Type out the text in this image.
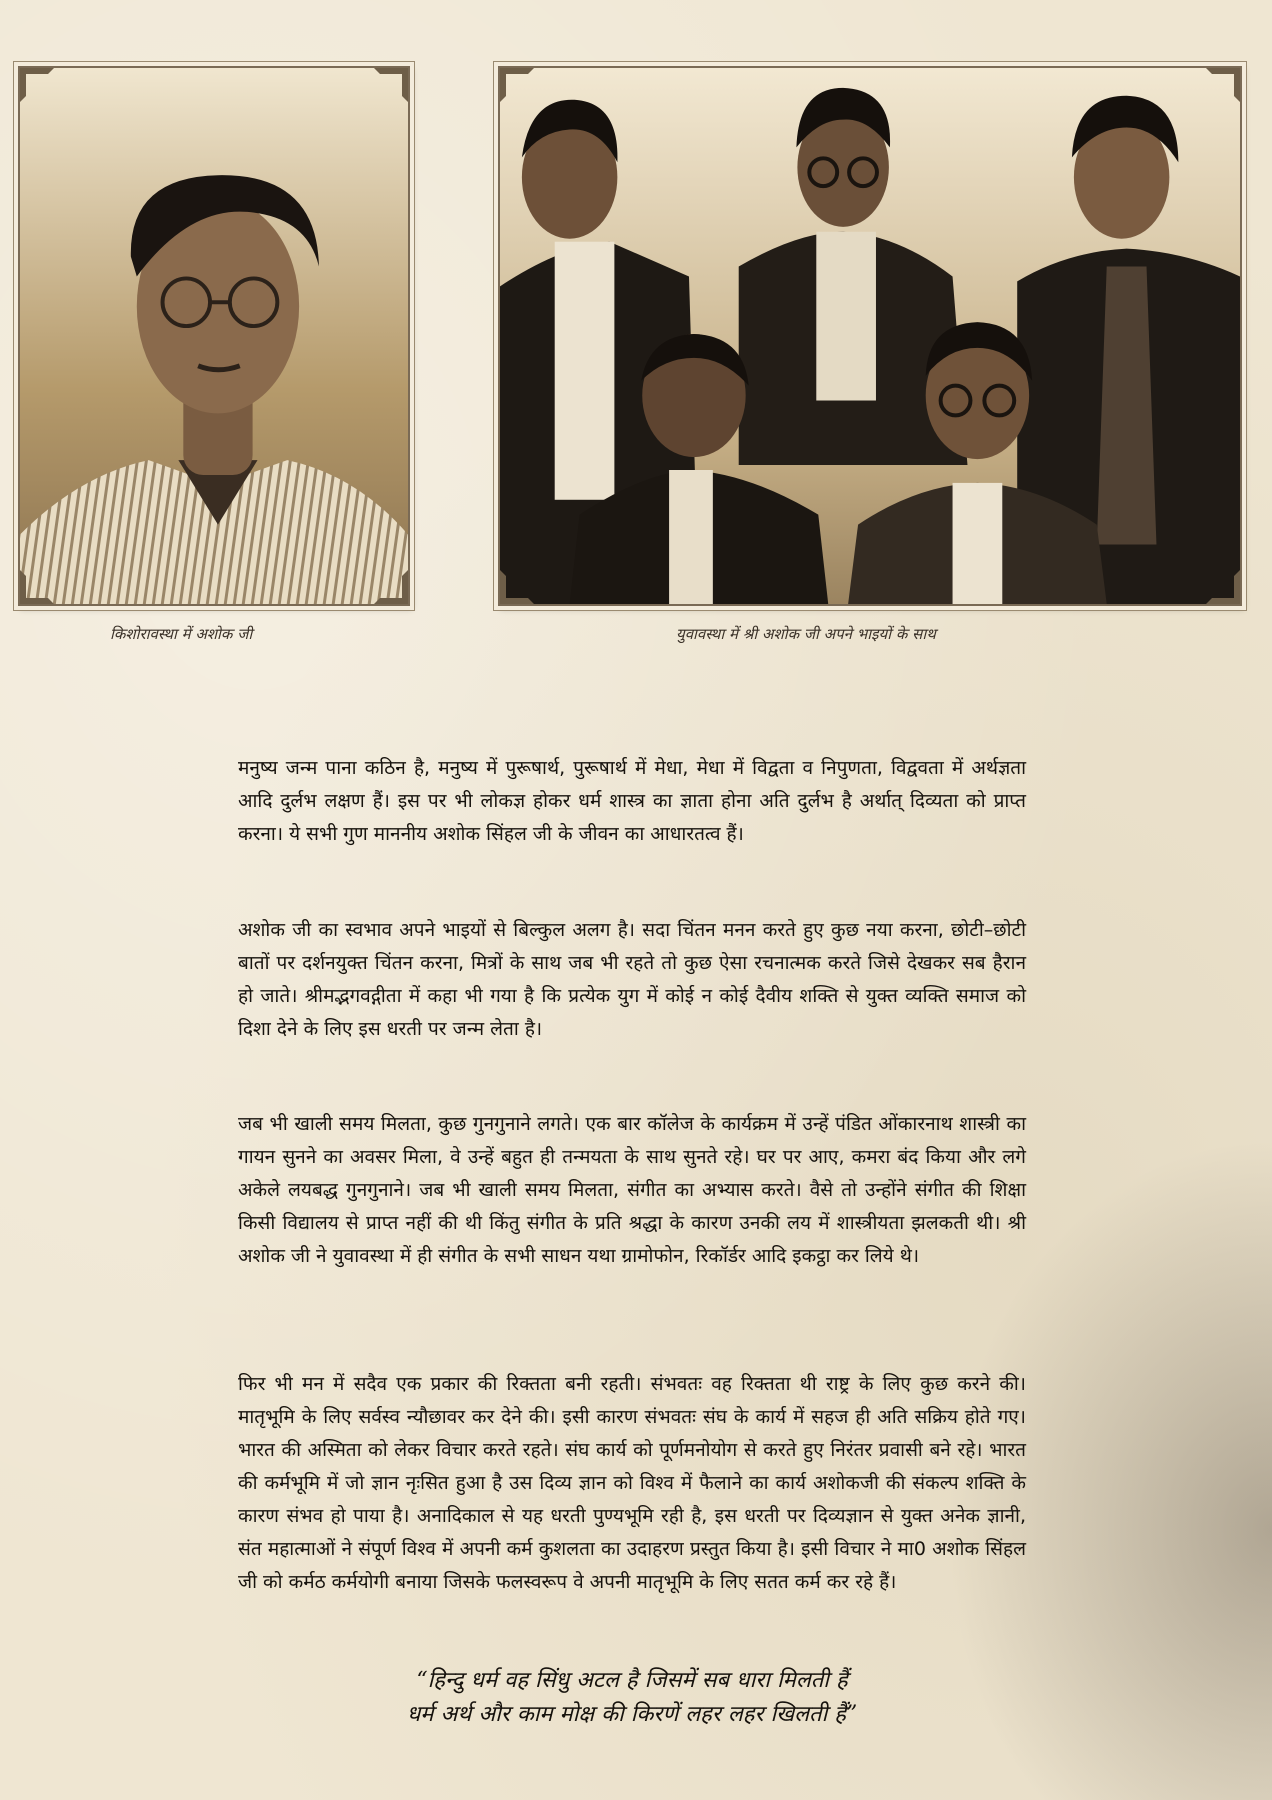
किशोरावस्था में अशोक जी	युवावस्था में श्री अशोक जी अपने भाइयों के साथ
मनुष्य जन्म पाना कठिन है, मनुष्य में पुरूषार्थ, पुरूषार्थ में मेधा, मेधा में विद्वता व निपुणता, विद्ववता में अर्थज्ञता आदि दुर्लभ लक्षण हैं। इस पर भी लोकज्ञ होकर धर्म शास्त्र का ज्ञाता होना अति दुर्लभ है अर्थात् दिव्यता को प्राप्त करना। ये सभी गुण माननीय अशोक सिंहल जी के जीवन का आधारतत्व हैं।
अशोक जी का स्वभाव अपने भाइयों से बिल्कुल अलग है। सदा चिंतन मनन करते हुए कुछ नया करना, छोटी–छोटी बातों पर दर्शनयुक्त चिंतन करना, मित्रों के साथ जब भी रहते तो कुछ ऐसा रचनात्मक करते जिसे देखकर सब हैरान हो जाते। श्रीमद्भगवद्गीता में कहा भी गया है कि प्रत्येक युग में कोई न कोई दैवीय शक्ति से युक्त व्यक्ति समाज को दिशा देने के लिए इस धरती पर जन्म लेता है।
जब भी खाली समय मिलता, कुछ गुनगुनाने लगते। एक बार कॉलेज के कार्यक्रम में उन्हें पंडित ओंकारनाथ शास्त्री का गायन सुनने का अवसर मिला, वे उन्हें बहुत ही तन्मयता के साथ सुनते रहे। घर पर आए, कमरा बंद किया और लगे अकेले लयबद्ध गुनगुनाने। जब भी खाली समय मिलता, संगीत का अभ्यास करते। वैसे तो उन्होंने संगीत की शिक्षा किसी विद्यालय से प्राप्त नहीं की थी किंतु संगीत के प्रति श्रद्धा के कारण उनकी लय में शास्त्रीयता झलकती थी। श्री अशोक जी ने युवावस्था में ही संगीत के सभी साधन यथा ग्रामोफोन, रिकॉर्डर आदि इकट्ठा कर लिये थे।
फिर भी मन में सदैव एक प्रकार की रिक्तता बनी रहती। संभवतः वह रिक्तता थी राष्ट्र के लिए कुछ करने की। मातृभूमि के लिए सर्वस्व न्यौछावर कर देने की। इसी कारण संभवतः संघ के कार्य में सहज ही अति सक्रिय होते गए। भारत की अस्मिता को लेकर विचार करते रहते। संघ कार्य को पूर्णमनोयोग से करते हुए निरंतर प्रवासी बने रहे। भारत की कर्मभूमि में जो ज्ञान नृःसित हुआ है उस दिव्य ज्ञान को विश्व में फैलाने का कार्य अशोकजी की संकल्प शक्ति के कारण संभव हो पाया है। अनादिकाल से यह धरती पुण्यभूमि रही है, इस धरती पर दिव्यज्ञान से युक्त अनेक ज्ञानी, संत महात्माओं ने संपूर्ण विश्व में अपनी कर्म कुशलता का उदाहरण प्रस्तुत किया है। इसी विचार ने मा0 अशोक सिंहल जी को कर्मठ कर्मयोगी बनाया जिसके फलस्वरूप वे अपनी मातृभूमि के लिए सतत कर्म कर रहे हैं।
“हिन्दु धर्म वह सिंधु अटल है जिसमें सब धारा मिलती हैं
धर्म अर्थ और काम मोक्ष की किरणें लहर लहर खिलती हैं”
